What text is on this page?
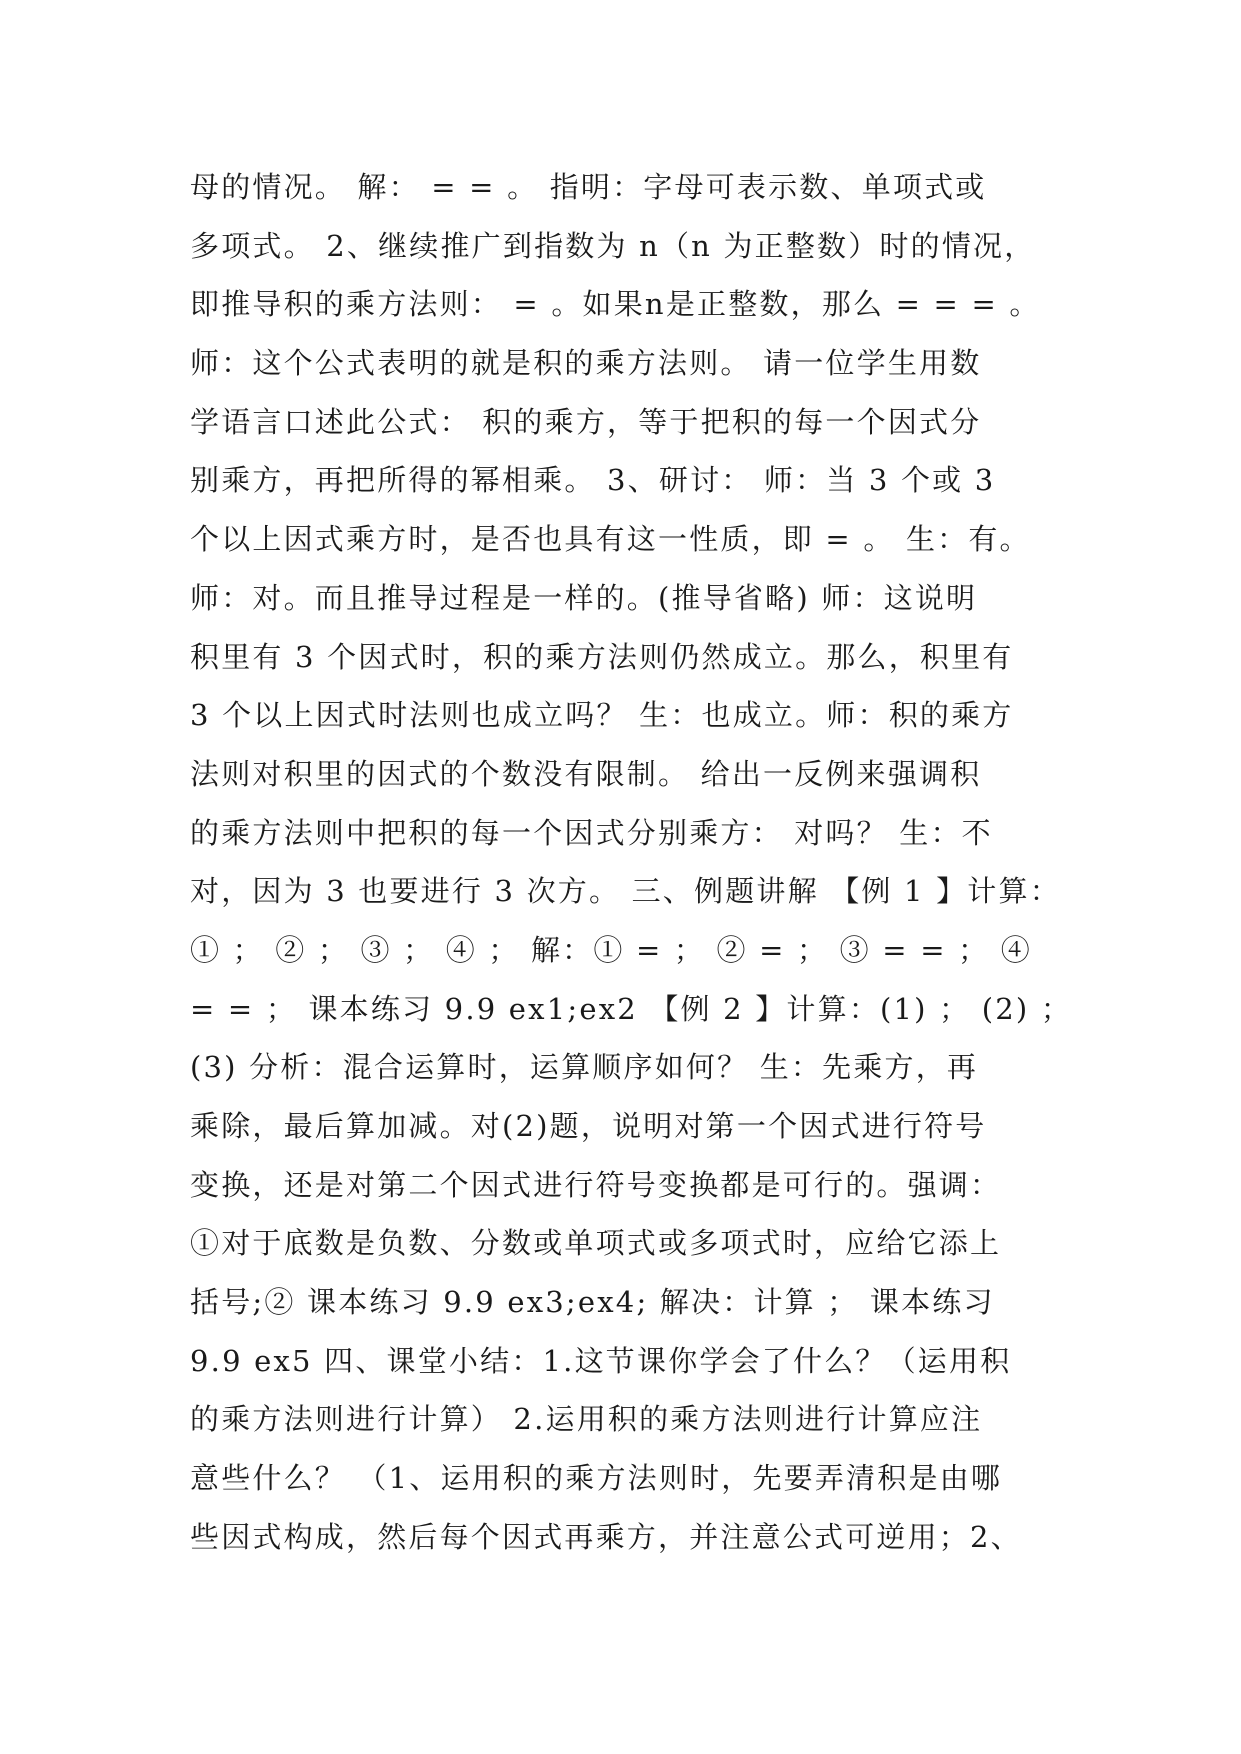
母的情况。 解： = = 。 指明：字母可表示数、单项式或
多项式。 2、继续推广到指数为 n（n 为正整数）时的情况，
即推导积的乘方法则： = 。如果n是正整数，那么 = = = 。
师：这个公式表明的就是积的乘方法则。 请一位学生用数
学语言口述此公式： 积的乘方，等于把积的每一个因式分
别乘方，再把所得的幂相乘。 3、研讨： 师：当 3 个或 3
个以上因式乘方时，是否也具有这一性质，即 = 。 生：有。
师：对。而且推导过程是一样的。(推导省略) 师：这说明
积里有 3 个因式时，积的乘方法则仍然成立。那么，积里有
3 个以上因式时法则也成立吗？ 生：也成立。师：积的乘方
法则对积里的因式的个数没有限制。 给出一反例来强调积
的乘方法则中把积的每一个因式分别乘方： 对吗？ 生：不
对，因为 3 也要进行 3 次方。 三、例题讲解 【例 1 】计算：
① ； ② ； ③ ； ④ ； 解：① = ； ② = ； ③ = = ； ④
= = ； 课本练习 9.9 ex1;ex2 【例 2 】计算：(1) ； (2) ；
(3) 分析：混合运算时，运算顺序如何？ 生：先乘方，再
乘除，最后算加减。对(2)题，说明对第一个因式进行符号
变换，还是对第二个因式进行符号变换都是可行的。强调：
①对于底数是负数、分数或单项式或多项式时，应给它添上
括号;② 课本练习 9.9 ex3;ex4; 解决：计算 ； 课本练习
9.9 ex5 四、课堂小结：1.这节课你学会了什么？（运用积
的乘方法则进行计算） 2.运用积的乘方法则进行计算应注
意些什么？ （1、运用积的乘方法则时，先要弄清积是由哪
些因式构成，然后每个因式再乘方，并注意公式可逆用；2、
